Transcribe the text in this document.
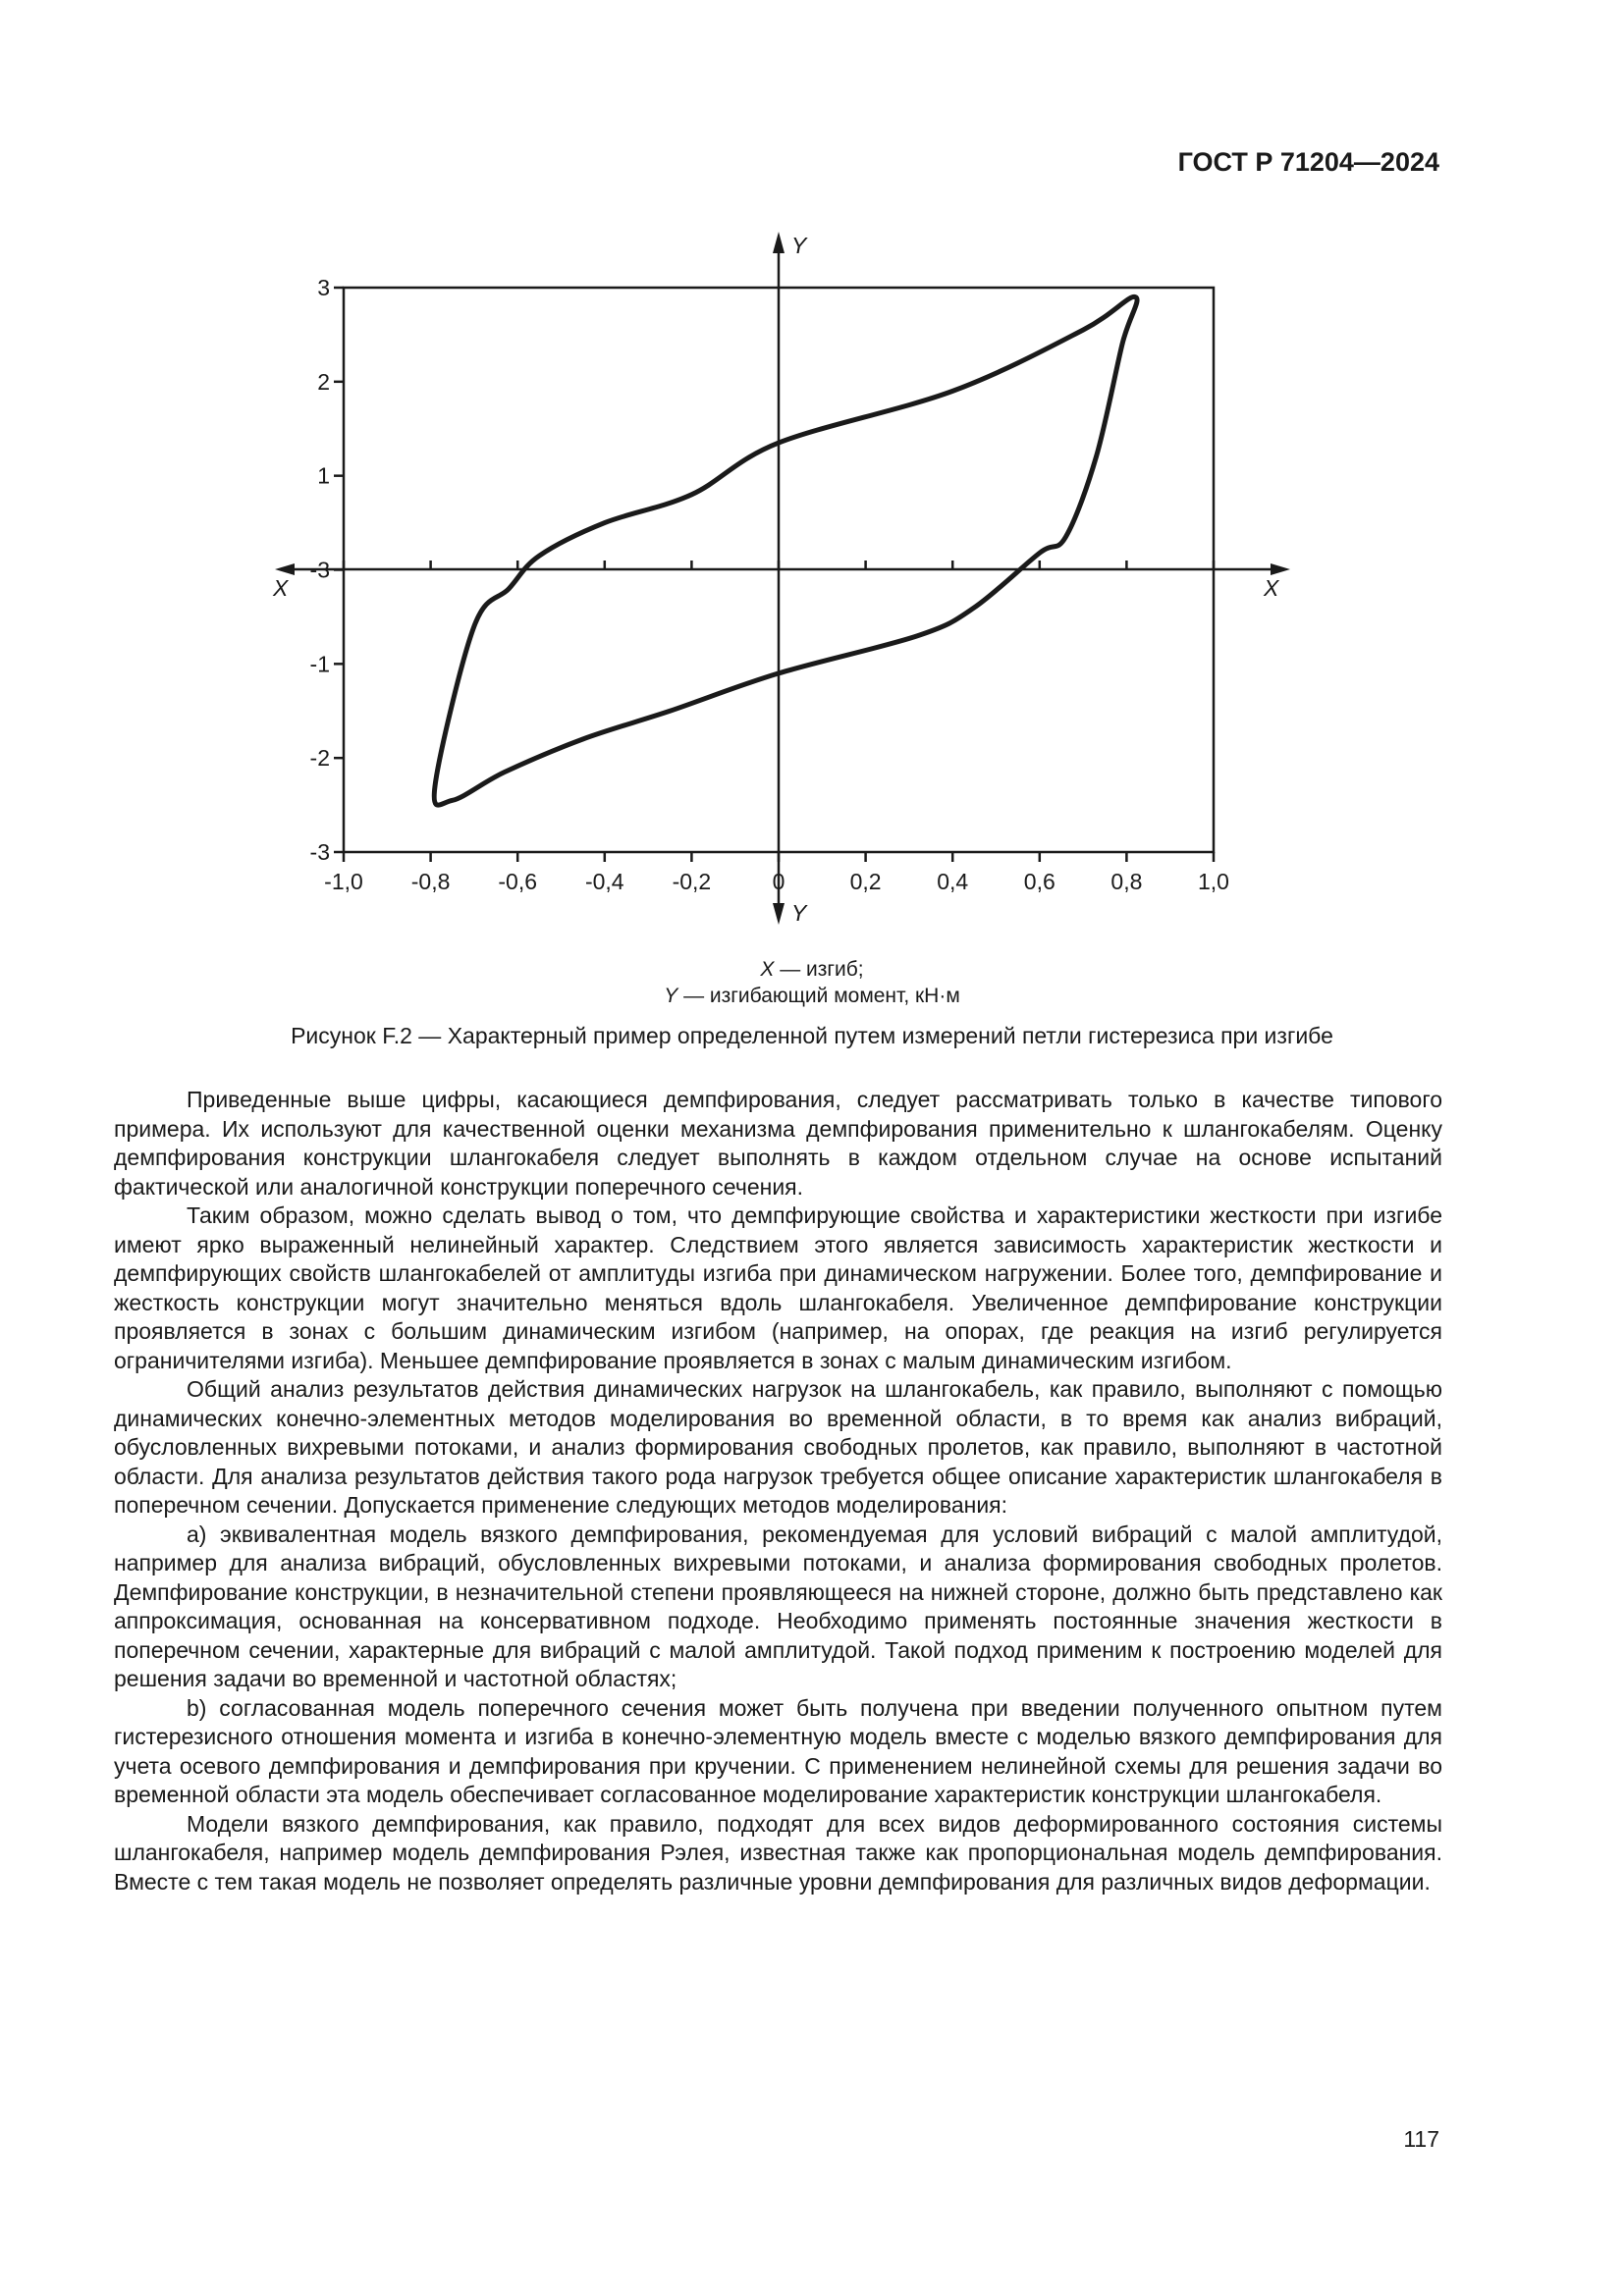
ГОСТ Р 71204—2024
Y
Y
X	X
-1,0 -0,8 -0,6 -0,4 -0,2	0	0,2 0,4 0,6 0,8 1,0
3
2
1
-3
-1
-2
-3
X — изгиб;
Y — изгибающий момент, кН·м
Рисунок F.2 — Характерный пример определенной путем измерений петли гистерезиса при изгибе

Приведенные выше цифры, касающиеся демпфирования, следует рассматривать только в качестве типового примера. Их используют для качественной оценки механизма демпфирования применительно к шлангокабелям. Оценку демпфирования конструкции шлангокабеля следует выполнять в каждом отдельном случае на основе испытаний фактической или аналогичной конструкции поперечного сечения.

Таким образом, можно сделать вывод о том, что демпфирующие свойства и характеристики жесткости при изгибе имеют ярко выраженный нелинейный характер. Следствием этого является зависимость характеристик жесткости и демпфирующих свойств шлангокабелей от амплитуды изгиба при динамическом нагружении. Более того, демпфирование и жесткость конструкции могут значительно меняться вдоль шлангокабеля. Увеличенное демпфирование конструкции проявляется в зонах с большим динамическим изгибом (например, на опорах, где реакция на изгиб регулируется ограничителями изгиба). Меньшее демпфирование проявляется в зонах с малым динамическим изгибом.

Общий анализ результатов действия динамических нагрузок на шлангокабель, как правило, выполняют с помощью динамических конечно-элементных методов моделирования во временной области, в то время как анализ вибраций, обусловленных вихревыми потоками, и анализ формирования свободных пролетов, как правило, выполняют в частотной области. Для анализа результатов действия такого рода нагрузок требуется общее описание характеристик шлангокабеля в поперечном сечении. Допускается применение следующих методов моделирования:

a) эквивалентная модель вязкого демпфирования, рекомендуемая для условий вибраций с малой амплитудой, например для анализа вибраций, обусловленных вихревыми потоками, и анализа формирования свободных пролетов. Демпфирование конструкции, в незначительной степени проявляющееся на нижней стороне, должно быть представлено как аппроксимация, основанная на консервативном подходе. Необходимо применять постоянные значения жесткости в поперечном сечении, характерные для вибраций с малой амплитудой. Такой подход применим к построению моделей для решения задачи во временной и частотной областях;

b) согласованная модель поперечного сечения может быть получена при введении полученного опытном путем гистерезисного отношения момента и изгиба в конечно-элементную модель вместе с моделью вязкого демпфирования для учета осевого демпфирования и демпфирования при кручении. С применением нелинейной схемы для решения задачи во временной области эта модель обеспечивает согласованное моделирование характеристик конструкции шлангокабеля.

Модели вязкого демпфирования, как правило, подходят для всех видов деформированного состояния системы шлангокабеля, например модель демпфирования Рэлея, известная также как пропорциональная модель демпфирования. Вместе с тем такая модель не позволяет определять различные уровни демпфирования для различных видов деформации.

117
